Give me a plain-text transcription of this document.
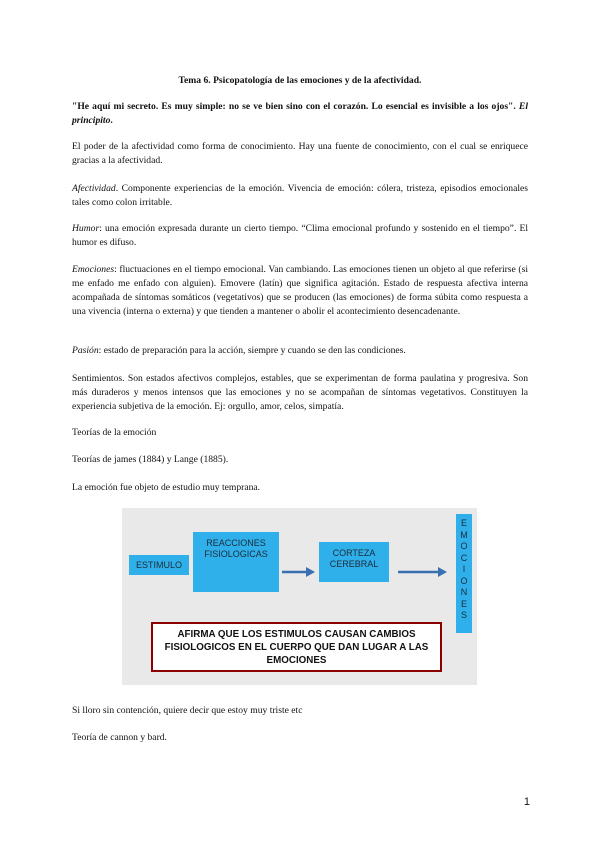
Tema 6. Psicopatología de las emociones y de la afectividad.

"He aquí mi secreto. Es muy simple: no se ve bien sino con el corazón. Lo esencial es invisible a los ojos". El principito.

El poder de la afectividad como forma de conocimiento. Hay una fuente de conocimiento, con el cual se enriquece gracias a la afectividad.

Afectividad. Componente experiencias de la emoción. Vivencia de emoción: cólera, tristeza, episodios emocionales tales como colon irritable.

Humor: una emoción expresada durante un cierto tiempo. “Clima emocional profundo y sostenido en el tiempo”. El humor es difuso.

Emociones: fluctuaciones en el tiempo emocional. Van cambiando. Las emociones tienen un objeto al que referirse (si me enfado me enfado con alguien). Emovere (latín) que significa agitación. Estado de respuesta afectiva interna acompañada de síntomas somáticos (vegetativos) que se producen (las emociones) de forma súbita como respuesta a una vivencia (interna o externa) y que tienden a mantener o abolir el acontecimiento desencadenante.

Pasión: estado de preparación para la acción, siempre y cuando se den las condiciones.

Sentimientos. Son estados afectivos complejos, estables, que se experimentan de forma paulatina y progresiva. Son más duraderos y menos intensos que las emociones y no se acompañan de síntomas vegetativos. Constituyen la experiencia subjetiva de la emoción. Ej: orgullo, amor, celos, simpatía.

Teorías de la emoción

Teorías de james (1884) y Lange (1885).

La emoción fue objeto de estudio muy temprana.

ESTIMULO
REACCIONES FISIOLOGICAS	CORTEZA CEREBRAL
E
M
O
C
I
O
N
E
S
AFIRMA QUE LOS ESTIMULOS CAUSAN CAMBIOS FISIOLOGICOS EN EL CUERPO QUE DAN LUGAR A LAS EMOCIONES

Si lloro sin contención, quiere decir que estoy muy triste etc

Teoría de cannon y bard.

1
